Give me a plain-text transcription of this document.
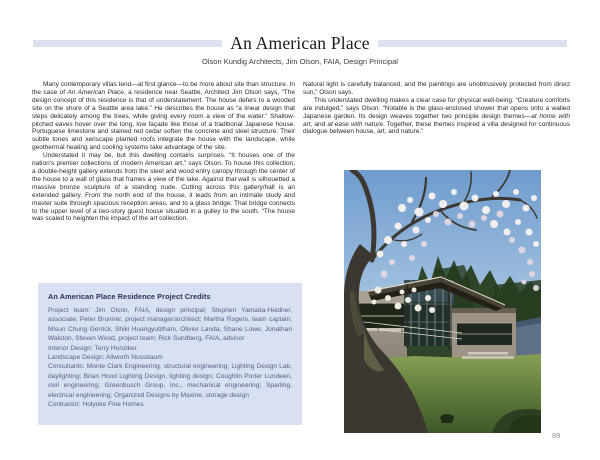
An American Place
Olson Kundig Architects, Jim Olson, FAIA, Design Principal

Many contemporary villas tend—at first glance—to be more about site than structure. In the case of An American Place, a residence near Seattle, Architect Jim Olson says, “The design concept of this residence is that of understatement. The house defers to a wooded site on the shore of a Seattle area lake.” He describes the house as “a linear design that steps delicately among the trees, while giving every room a view of the water.” Shallow-pitched eaves hover over the long, low façade like those of a traditional Japanese house. Portuguese limestone and stained red cedar soften the concrete and steel structure. Their subtle tones and xeriscape planted roofs integrate the house with the landscape, while geothermal heating and cooling systems take advantage of the site.

Understated it may be, but this dwelling contains surprises. “It houses one of the nation’s premier collections of modern American art,” says Olson. To house this collection, a double-height gallery extends from the steel and wood entry canopy through the center of the house to a wall of glass that frames a view of the lake. Against that wall is silhouetted a massive bronze sculpture of a standing nude. Cutting across this gallery/hall is an extended gallery. From the north end of the house, it leads from an intimate study and master suite through spacious reception areas, and to a glass bridge. That bridge connects to the upper level of a two-story guest house situated in a gulley to the south. “The house was scaled to heighten the impact of the art collection.

Natural light is carefully balanced, and the paintings are unobtrusively protected from direct sun,” Olson says.

This understated dwelling makes a clear case for physical well-being: “Creature comforts are indulged,” says Olson. “Notable is the glass-enclosed shower that opens onto a walled Japanese garden. Its design weaves together two principle design themes—at home with art, and at ease with nature. Together, these themes inspired a villa designed for continuous dialogue between house, art, and nature.”

An American Place Residence Project Credits

Project team: Jim Olson, FAIA, design principal; Stephen Yamada-Heidner, associate; Peter Brunner, project manager/architect; Martha Rogers, team captain; Misun Chung Gerrick, Shiki Huangyutitham, Olivier Landa, Shane Lowe, Jonathan Walston, Steven Wood, project team; Rick Sundberg, FAIA, advisor

Interior Design: Terry Hunziker

Landscape Design: Allworth Nussbaum

Consultants: Monte Clark Engineering, structural engineering; Lighting Design Lab, daylighting; Brian Hood Lighting Design, lighting design; Coughlin Porter Lundeen, civil engineering; Greenbusch Group, Inc., mechanical engineering; Sparling, electrical engineering; Organized Designs by Maxine, storage design

Contractor: Holyoke Fine Homes

89
